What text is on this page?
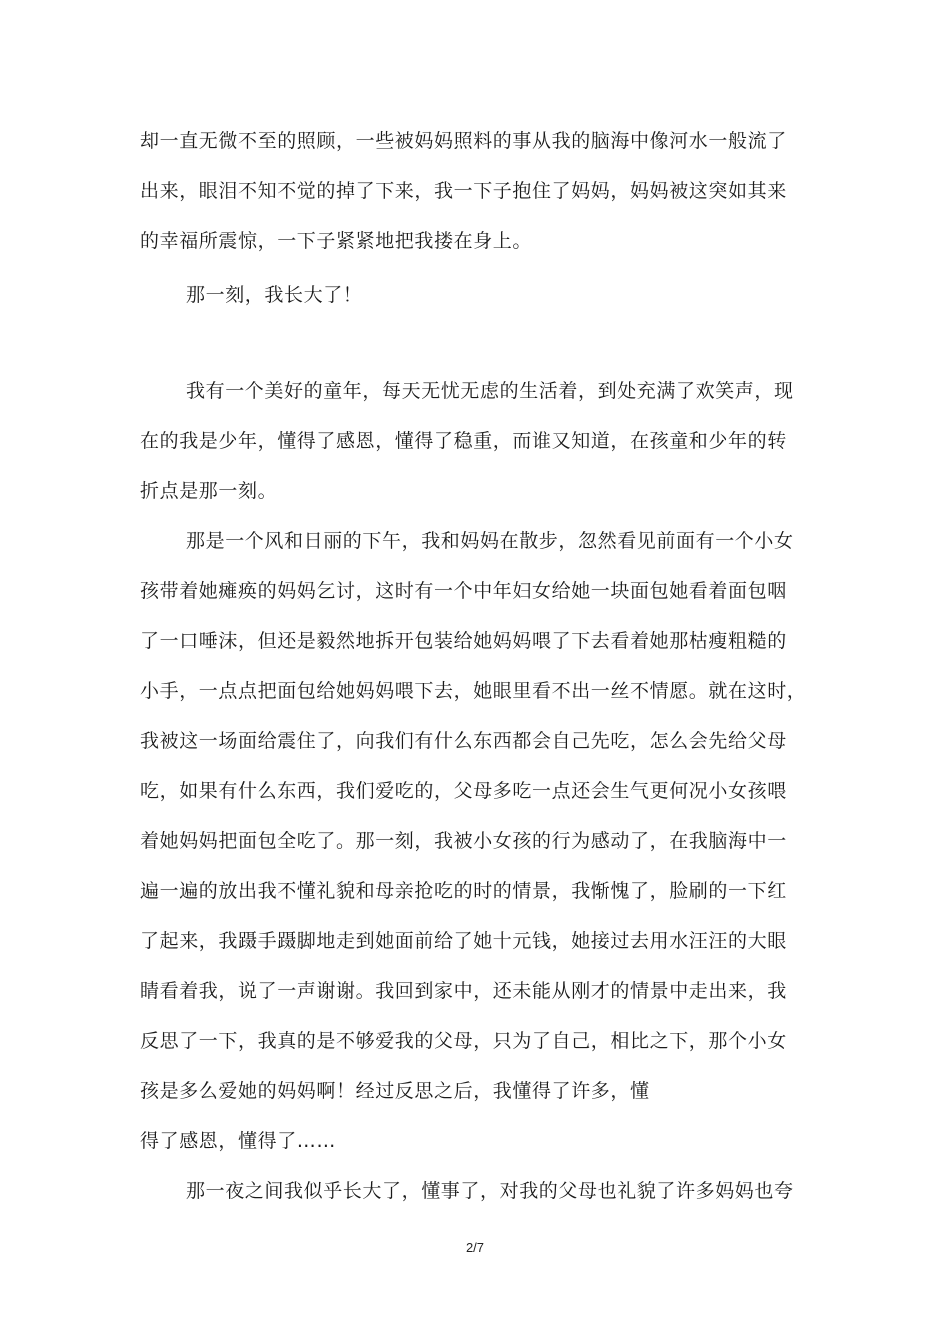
却一直无微不至的照顾，一些被妈妈照料的事从我的脑海中像河水一般流了
出来，眼泪不知不觉的掉了下来，我一下子抱住了妈妈，妈妈被这突如其来
的幸福所震惊，一下子紧紧地把我搂在身上。
那一刻，我长大了！
我有一个美好的童年，每天无忧无虑的生活着，到处充满了欢笑声，现
在的我是少年，懂得了感恩，懂得了稳重，而谁又知道，在孩童和少年的转
折点是那一刻。
那是一个风和日丽的下午，我和妈妈在散步，忽然看见前面有一个小女
孩带着她瘫痪的妈妈乞讨，这时有一个中年妇女给她一块面包她看着面包咽
了一口唾沫，但还是毅然地拆开包装给她妈妈喂了下去看着她那枯瘦粗糙的
小手，一点点把面包给她妈妈喂下去，她眼里看不出一丝不情愿。就在这时，
我被这一场面给震住了，向我们有什么东西都会自己先吃，怎么会先给父母
吃，如果有什么东西，我们爱吃的，父母多吃一点还会生气更何况小女孩喂
着她妈妈把面包全吃了。那一刻，我被小女孩的行为感动了，在我脑海中一
遍一遍的放出我不懂礼貌和母亲抢吃的时的情景，我惭愧了，脸刷的一下红
了起来，我蹑手蹑脚地走到她面前给了她十元钱，她接过去用水汪汪的大眼
睛看着我，说了一声谢谢。我回到家中，还未能从刚才的情景中走出来，我
反思了一下，我真的是不够爱我的父母，只为了自己，相比之下，那个小女
孩是多么爱她的妈妈啊！经过反思之后，我懂得了许多，懂
得了感恩，懂得了……
那一夜之间我似乎长大了，懂事了，对我的父母也礼貌了许多妈妈也夸
2/7
